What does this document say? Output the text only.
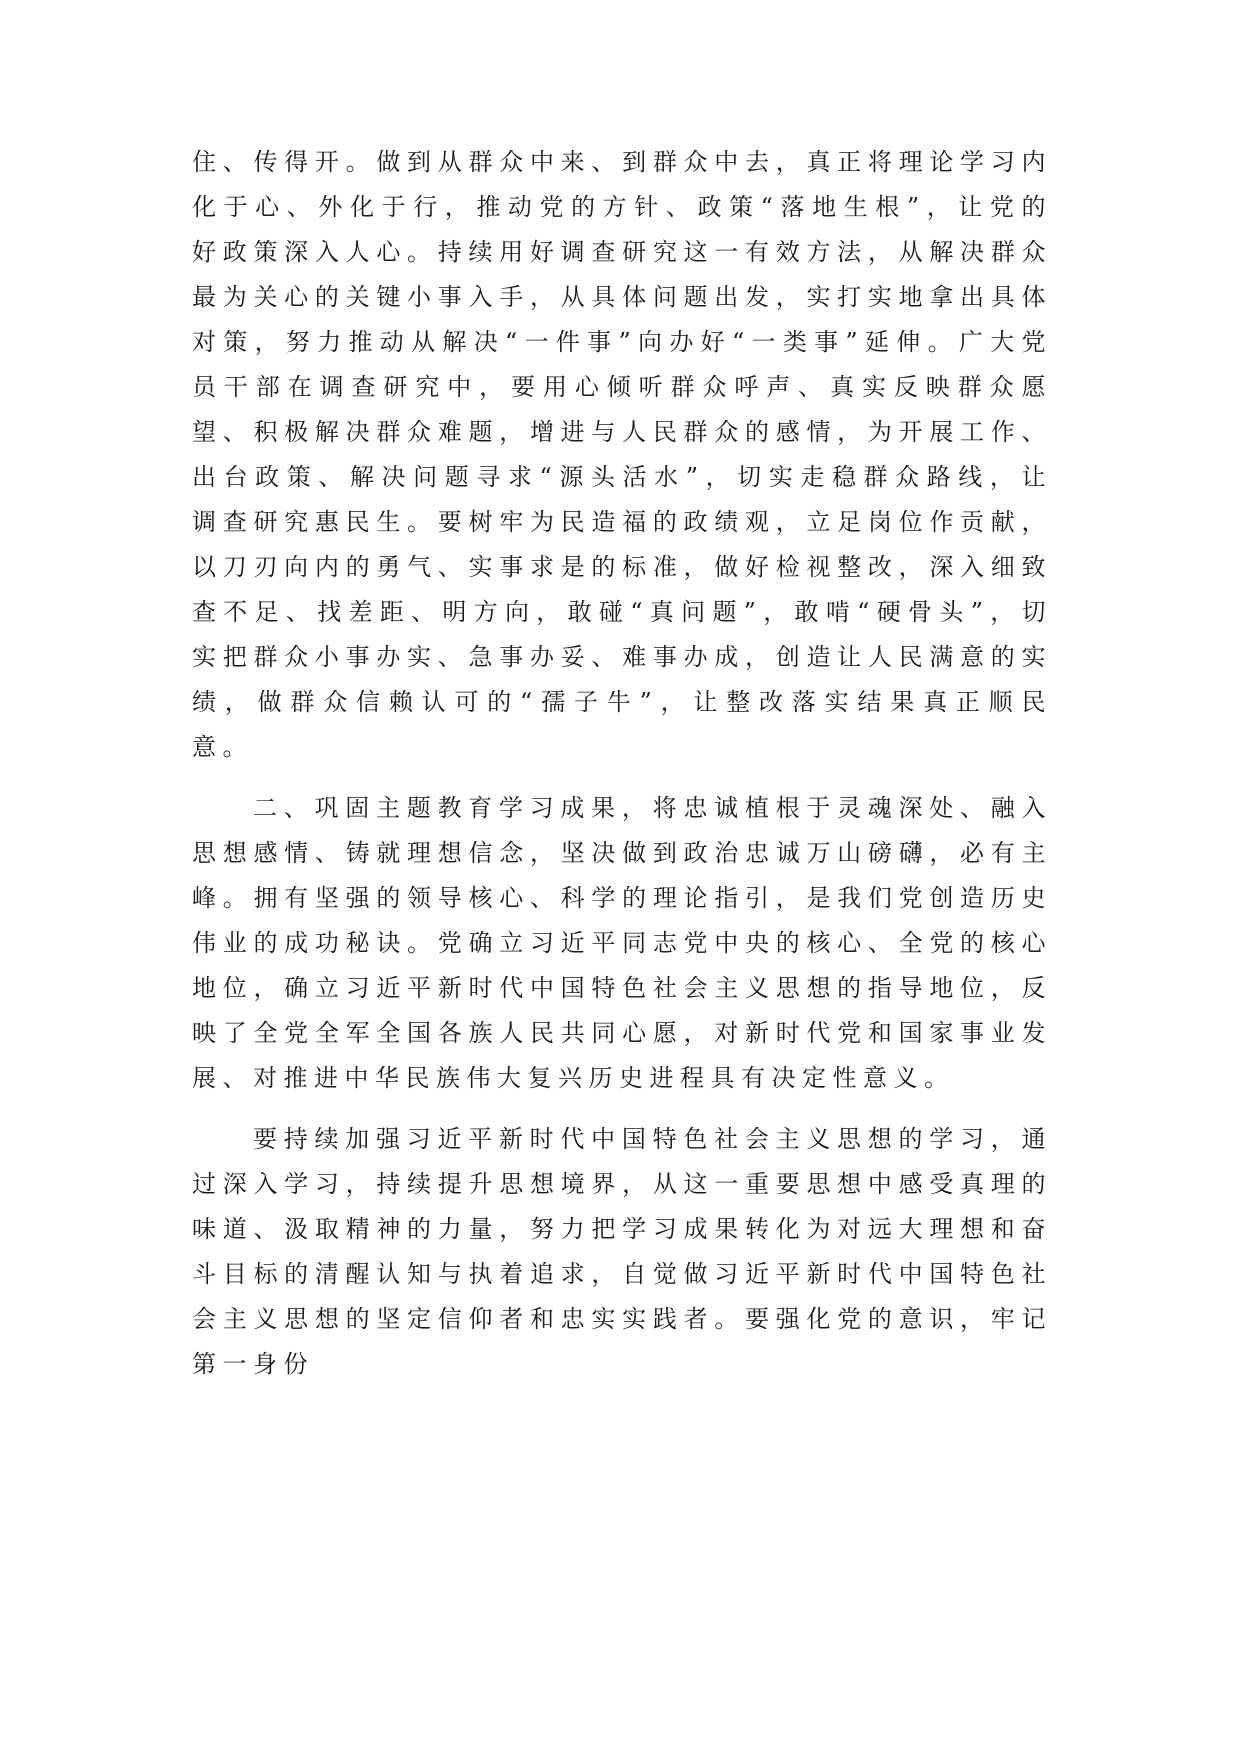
住、传得开。做到从群众中来、到群众中去，真正将理论学习内化于心、外化于行，推动党的方针、政策“落地生根”，让党的好政策深入人心。持续用好调查研究这一有效方法，从解决群众最为关心的关键小事入手，从具体问题出发，实打实地拿出具体对策，努力推动从解决“一件事”向办好“一类事”延伸。广大党员干部在调查研究中，要用心倾听群众呼声、真实反映群众愿望、积极解决群众难题，增进与人民群众的感情，为开展工作、出台政策、解决问题寻求“源头活水”，切实走稳群众路线，让调查研究惠民生。要树牢为民造福的政绩观，立足岗位作贡献，以刀刃向内的勇气、实事求是的标准，做好检视整改，深入细致查不足、找差距、明方向，敢碰“真问题”，敢啃“硬骨头”，切实把群众小事办实、急事办妥、难事办成，创造让人民满意的实绩，做群众信赖认可的“孺子牛”，让整改落实结果真正顺民意。

二、巩固主题教育学习成果，将忠诚植根于灵魂深处、融入思想感情、铸就理想信念，坚决做到政治忠诚万山磅礴，必有主峰。拥有坚强的领导核心、科学的理论指引，是我们党创造历史伟业的成功秘诀。党确立习近平同志党中央的核心、全党的核心地位，确立习近平新时代中国特色社会主义思想的指导地位，反映了全党全军全国各族人民共同心愿，对新时代党和国家事业发展、对推进中华民族伟大复兴历史进程具有决定性意义。

要持续加强习近平新时代中国特色社会主义思想的学习，通过深入学习，持续提升思想境界，从这一重要思想中感受真理的味道、汲取精神的力量，努力把学习成果转化为对远大理想和奋斗目标的清醒认知与执着追求，自觉做习近平新时代中国特色社会主义思想的坚定信仰者和忠实实践者。要强化党的意识，牢记第一身份
